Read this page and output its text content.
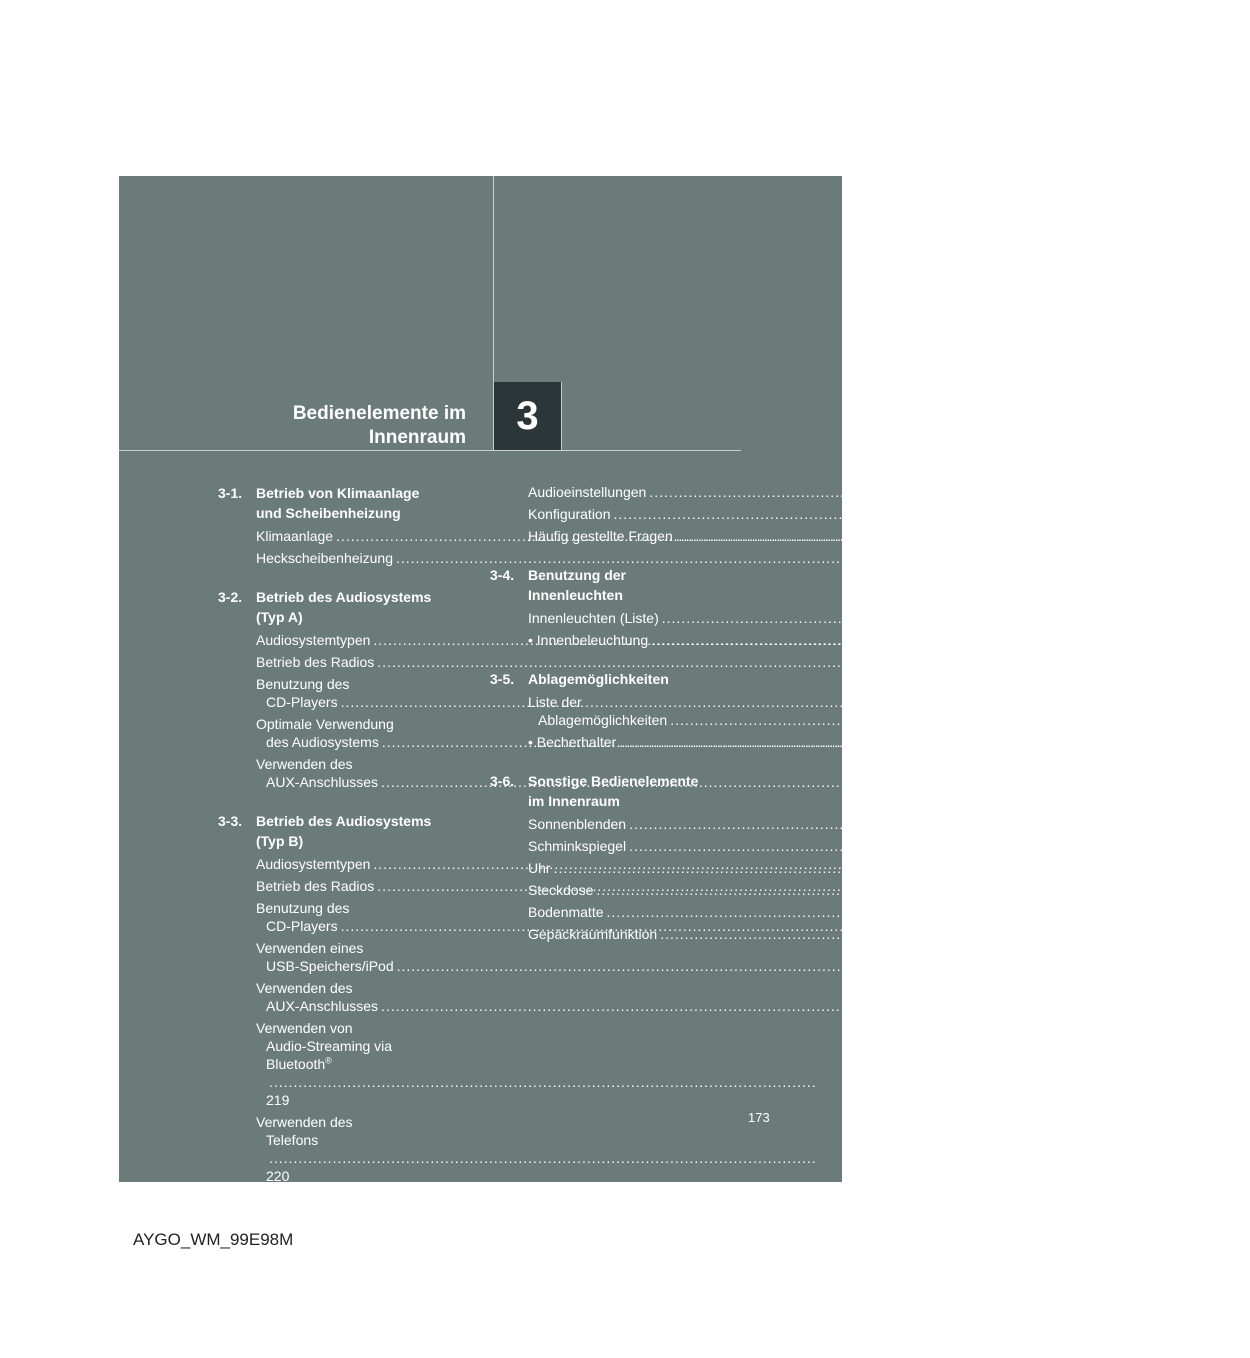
Bedienelemente im
Innenraum 3
3-1. Betrieb von Klimaanlage
und Scheibenheizung
Klimaanlage .....	174
Heckscheibenheizung .....	182
3-2. Betrieb des Audiosystems
(Typ A)
Audiosystemtypen .....	183
Betrieb des Radios .....	185
Benutzung des
CD-Players .....	190
Optimale Verwendung
des Audiosystems .....	196
Verwenden des
AUX-Anschlusses .....	198
3-3. Betrieb des Audiosystems
(Typ B)
Audiosystemtypen .....	199
Betrieb des Radios .....	201
Benutzung des
CD-Players .....	205
Verwenden eines
USB-Speichers/iPod .....	212
Verwenden des
AUX-Anschlusses .....	218
Verwenden von
Audio-Streaming via
Bluetooth® ..... 219
Verwenden des
Telefons ..... 220
Audioeinstellungen .....	228
Konfiguration .....	230
Häufig gestellte Fragen .....	232
3-4. Benutzung der
Innenleuchten
Innenleuchten (Liste) .....	237
• Innenbeleuchtung .....	237
3-5. Ablagemöglichkeiten
Liste der
Ablagemöglichkeiten .....	238
• Becherhalter .....	239
3-6. Sonstige Bedienelemente
im Innenraum
Sonnenblenden .....	240
Schminkspiegel .....	241
Uhr .....	242
Steckdose .....	245
Bodenmatte .....	246
Gepäckraumfunktion .....	248
173
AYGO_WM_99E98M
